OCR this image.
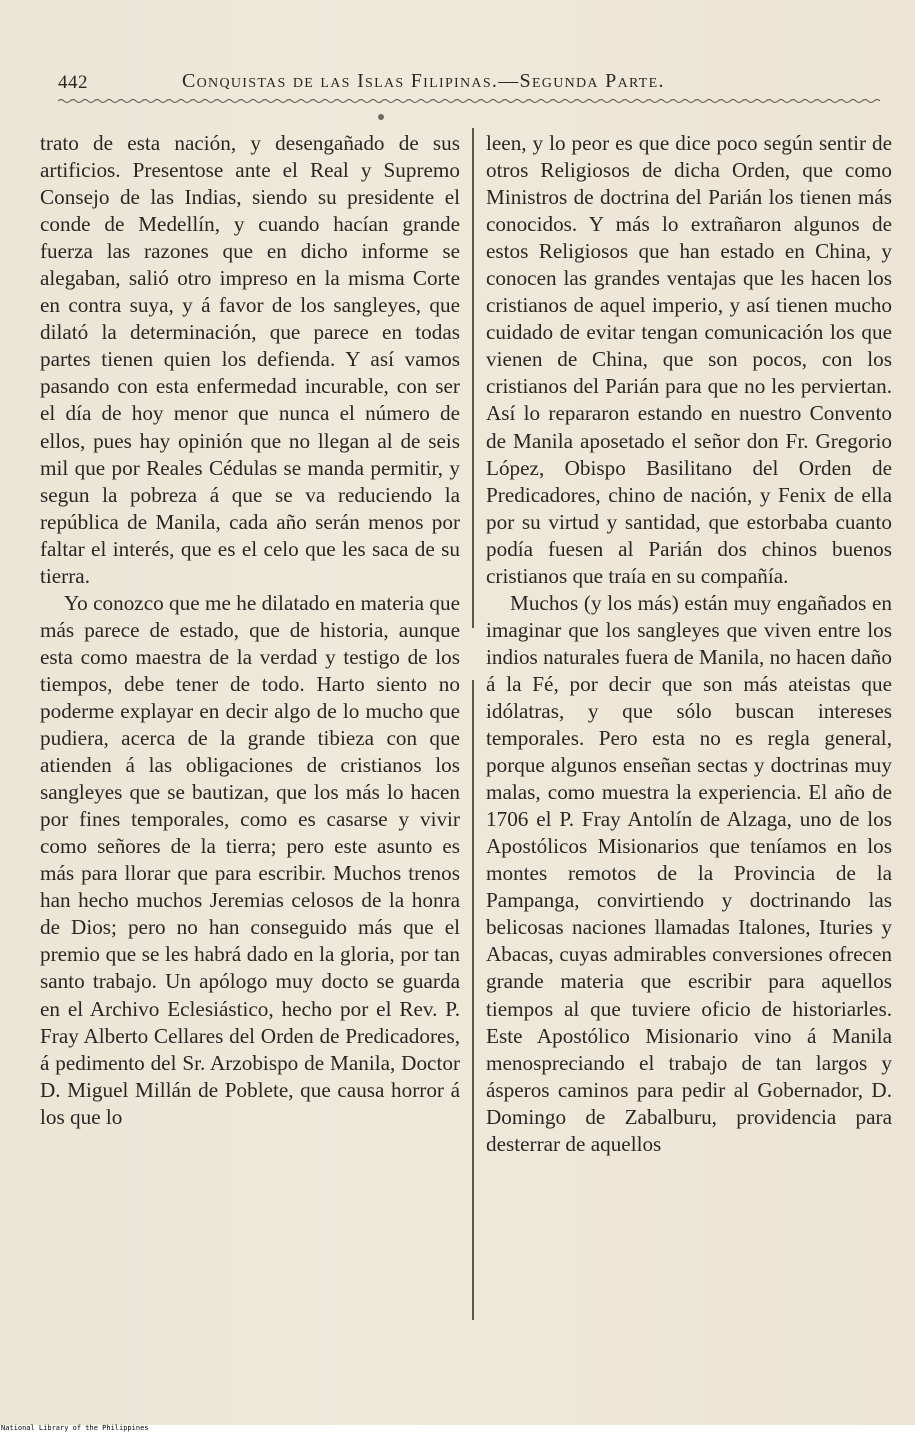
442	Conquistas de las Islas Filipinas.—Segunda Parte.

trato de esta nación, y desengañado de sus artificios. Presentose ante el Real y Supremo Consejo de las Indias, siendo su presidente el conde de Medellín, y cuando hacían grande fuerza las razones que en dicho informe se alegaban, salió otro impreso en la misma Corte en contra suya, y á favor de los sangleyes, que dilató la determinación, que parece en todas partes tienen quien los defienda. Y así vamos pasando con esta enfermedad incurable, con ser el día de hoy menor que nunca el número de ellos, pues hay opinión que no llegan al de seis mil que por Reales Cédulas se manda permitir, y segun la pobreza á que se va reduciendo la república de Manila, cada año serán menos por faltar el interés, que es el celo que les saca de su tierra.

Yo conozco que me he dilatado en materia que más parece de estado, que de historia, aunque esta como maestra de la verdad y testigo de los tiempos, debe tener de todo. Harto siento no poderme explayar en decir algo de lo mucho que pudiera, acerca de la grande tibieza con que atienden á las obligaciones de cristianos los sangleyes que se bautizan, que los más lo hacen por fines temporales, como es casarse y vivir como señores de la tierra; pero este asunto es más para llorar que para escribir. Muchos trenos han hecho muchos Jeremias celosos de la honra de Dios; pero no han conseguido más que el premio que se les habrá dado en la gloria, por tan santo trabajo. Un apólogo muy docto se guarda en el Archivo Eclesiástico, hecho por el Rev. P. Fray Alberto Cellares del Orden de Predicadores, á pedimento del Sr. Arzobispo de Manila, Doctor D. Miguel Millán de Poblete, que causa horror á los que lo

leen, y lo peor es que dice poco según sentir de otros Religiosos de dicha Orden, que como Ministros de doctrina del Parián los tienen más conocidos. Y más lo extrañaron algunos de estos Religiosos que han estado en China, y conocen las grandes ventajas que les hacen los cristianos de aquel imperio, y así tienen mucho cuidado de evitar tengan comunicación los que vienen de China, que son pocos, con los cristianos del Parián para que no les perviertan. Así lo repararon estando en nuestro Convento de Manila aposetado el señor don Fr. Gregorio López, Obispo Basilitano del Orden de Predicadores, chino de nación, y Fenix de ella por su virtud y santidad, que estorbaba cuanto podía fuesen al Parián dos chinos buenos cristianos que traía en su compañía.

Muchos (y los más) están muy engañados en imaginar que los sangleyes que viven entre los indios naturales fuera de Manila, no hacen daño á la Fé, por decir que son más ateistas que idólatras, y que sólo buscan intereses temporales. Pero esta no es regla general, porque algunos enseñan sectas y doctrinas muy malas, como muestra la experiencia. El año de 1706 el P. Fray Antolín de Alzaga, uno de los Apostólicos Misionarios que teníamos en los montes remotos de la Provincia de la Pampanga, convirtiendo y doctrinando las belicosas naciones llamadas Italones, Ituries y Abacas, cuyas admirables conversiones ofrecen grande materia que escribir para aquellos tiempos al que tuviere oficio de historiarles. Este Apostólico Misionario vino á Manila menospreciando el trabajo de tan largos y ásperos caminos para pedir al Gobernador, D. Domingo de Zabalburu, providencia para desterrar de aquellos

National Library of the Philippines
